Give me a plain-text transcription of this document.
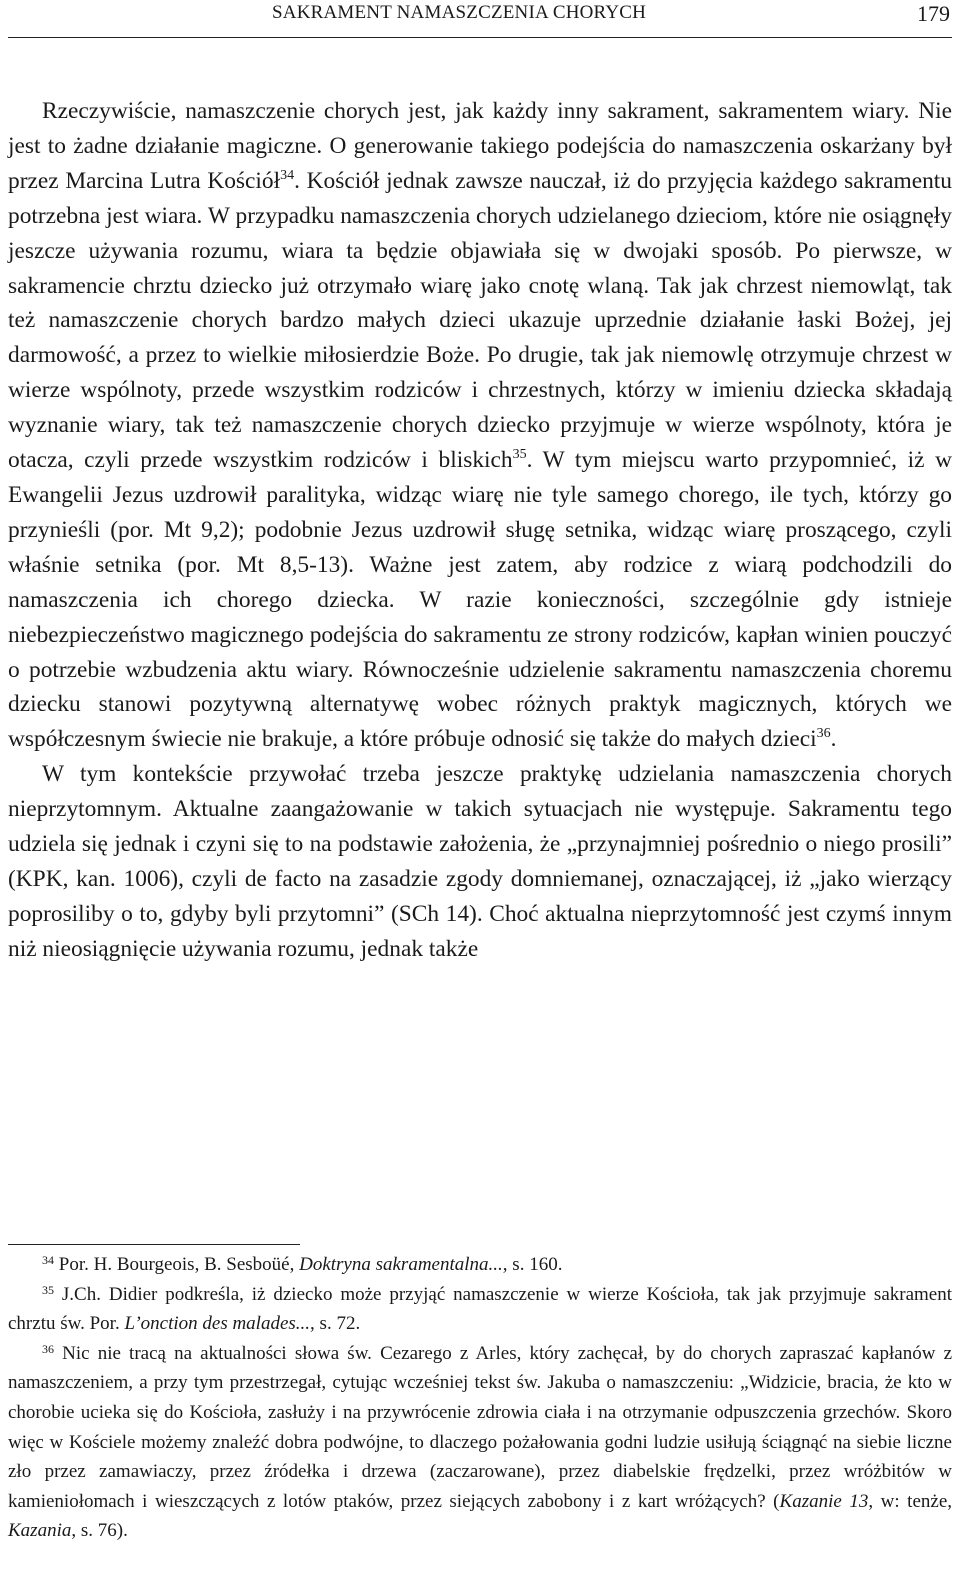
SAKRAMENT NAMASZCZENIA CHORYCH	179

Rzeczywiście, namaszczenie chorych jest, jak każdy inny sakrament, sakramentem wiary. Nie jest to żadne działanie magiczne. O generowanie takiego podejścia do namaszczenia oskarżany był przez Marcina Lutra Kościół$^{34}$. Kościół jednak zawsze nauczał, iż do przyjęcia każdego sakramentu potrzebna jest wiara. W przypadku namaszczenia chorych udzielanego dzieciom, które nie osiągnęły jeszcze używania rozumu, wiara ta będzie objawiała się w dwojaki sposób. Po pierwsze, w sakramencie chrztu dziecko już otrzymało wiarę jako cnotę wlaną. Tak jak chrzest niemowląt, tak też namaszczenie chorych bardzo małych dzieci ukazuje uprzednie działanie łaski Bożej, jej darmowość, a przez to wielkie miłosierdzie Boże. Po drugie, tak jak niemowlę otrzymuje chrzest w wierze wspólnoty, przede wszystkim rodziców i chrzestnych, którzy w imieniu dziecka składają wyznanie wiary, tak też namaszczenie chorych dziecko przyjmuje w wierze wspólnoty, która je otacza, czyli przede wszystkim rodziców i bliskich$^{35}$. W tym miejscu warto przypomnieć, iż w Ewangelii Jezus uzdrowił paralityka, widząc wiarę nie tyle samego chorego, ile tych, którzy go przynieśli (por. Mt 9,2); podobnie Jezus uzdrowił sługę setnika, widząc wiarę proszącego, czyli właśnie setnika (por. Mt 8,5-13). Ważne jest zatem, aby rodzice z wiarą podchodzili do namaszczenia ich chorego dziecka. W razie konieczności, szczególnie gdy istnieje niebezpieczeństwo magicznego podejścia do sakramentu ze strony rodziców, kapłan winien pouczyć o potrzebie wzbudzenia aktu wiary. Równocześnie udzielenie sakramentu namaszczenia choremu dziecku stanowi pozytywną alternatywę wobec różnych praktyk magicznych, których we współczesnym świecie nie brakuje, a które próbuje odnosić się także do małych dzieci$^{36}$.

W tym kontekście przywołać trzeba jeszcze praktykę udzielania namaszczenia chorych nieprzytomnym. Aktualne zaangażowanie w takich sytuacjach nie występuje. Sakramentu tego udziela się jednak i czyni się to na podstawie założenia, że „przynajmniej pośrednio o niego prosili” (KPK, kan. 1006), czyli de facto na zasadzie zgody domniemanej, oznaczającej, iż „jako wierzący poprosiliby o to, gdyby byli przytomni” (SCh 14). Choć aktualna nieprzytomność jest czymś innym niż nieosiągnięcie używania rozumu, jednak także

$^{34}$ Por. H. Bourgeois, B. Sesboüé, Doktryna sakramentalna..., s. 160.

$^{35}$ J.Ch. Didier podkreśla, iż dziecko może przyjąć namaszczenie w wierze Kościoła, tak jak przyjmuje sakrament chrztu św. Por. L’onction des malades..., s. 72.

$^{36}$ Nic nie tracą na aktualności słowa św. Cezarego z Arles, który zachęcał, by do chorych zapraszać kapłanów z namaszczeniem, a przy tym przestrzegał, cytując wcześniej tekst św. Jakuba o namaszczeniu: „Widzicie, bracia, że kto w chorobie ucieka się do Kościoła, zasłuży i na przywrócenie zdrowia ciała i na otrzymanie odpuszczenia grzechów. Skoro więc w Kościele możemy znaleźć dobra podwójne, to dlaczego pożałowania godni ludzie usiłują ściągnąć na siebie liczne zło przez zamawiaczy, przez źródełka i drzewa (zaczarowane), przez diabelskie frędzelki, przez wróżbitów w kamieniołomach i wieszczących z lotów ptaków, przez siejących zabobony i z kart wróżących? (Kazanie 13, w: tenże, Kazania, s. 76).
